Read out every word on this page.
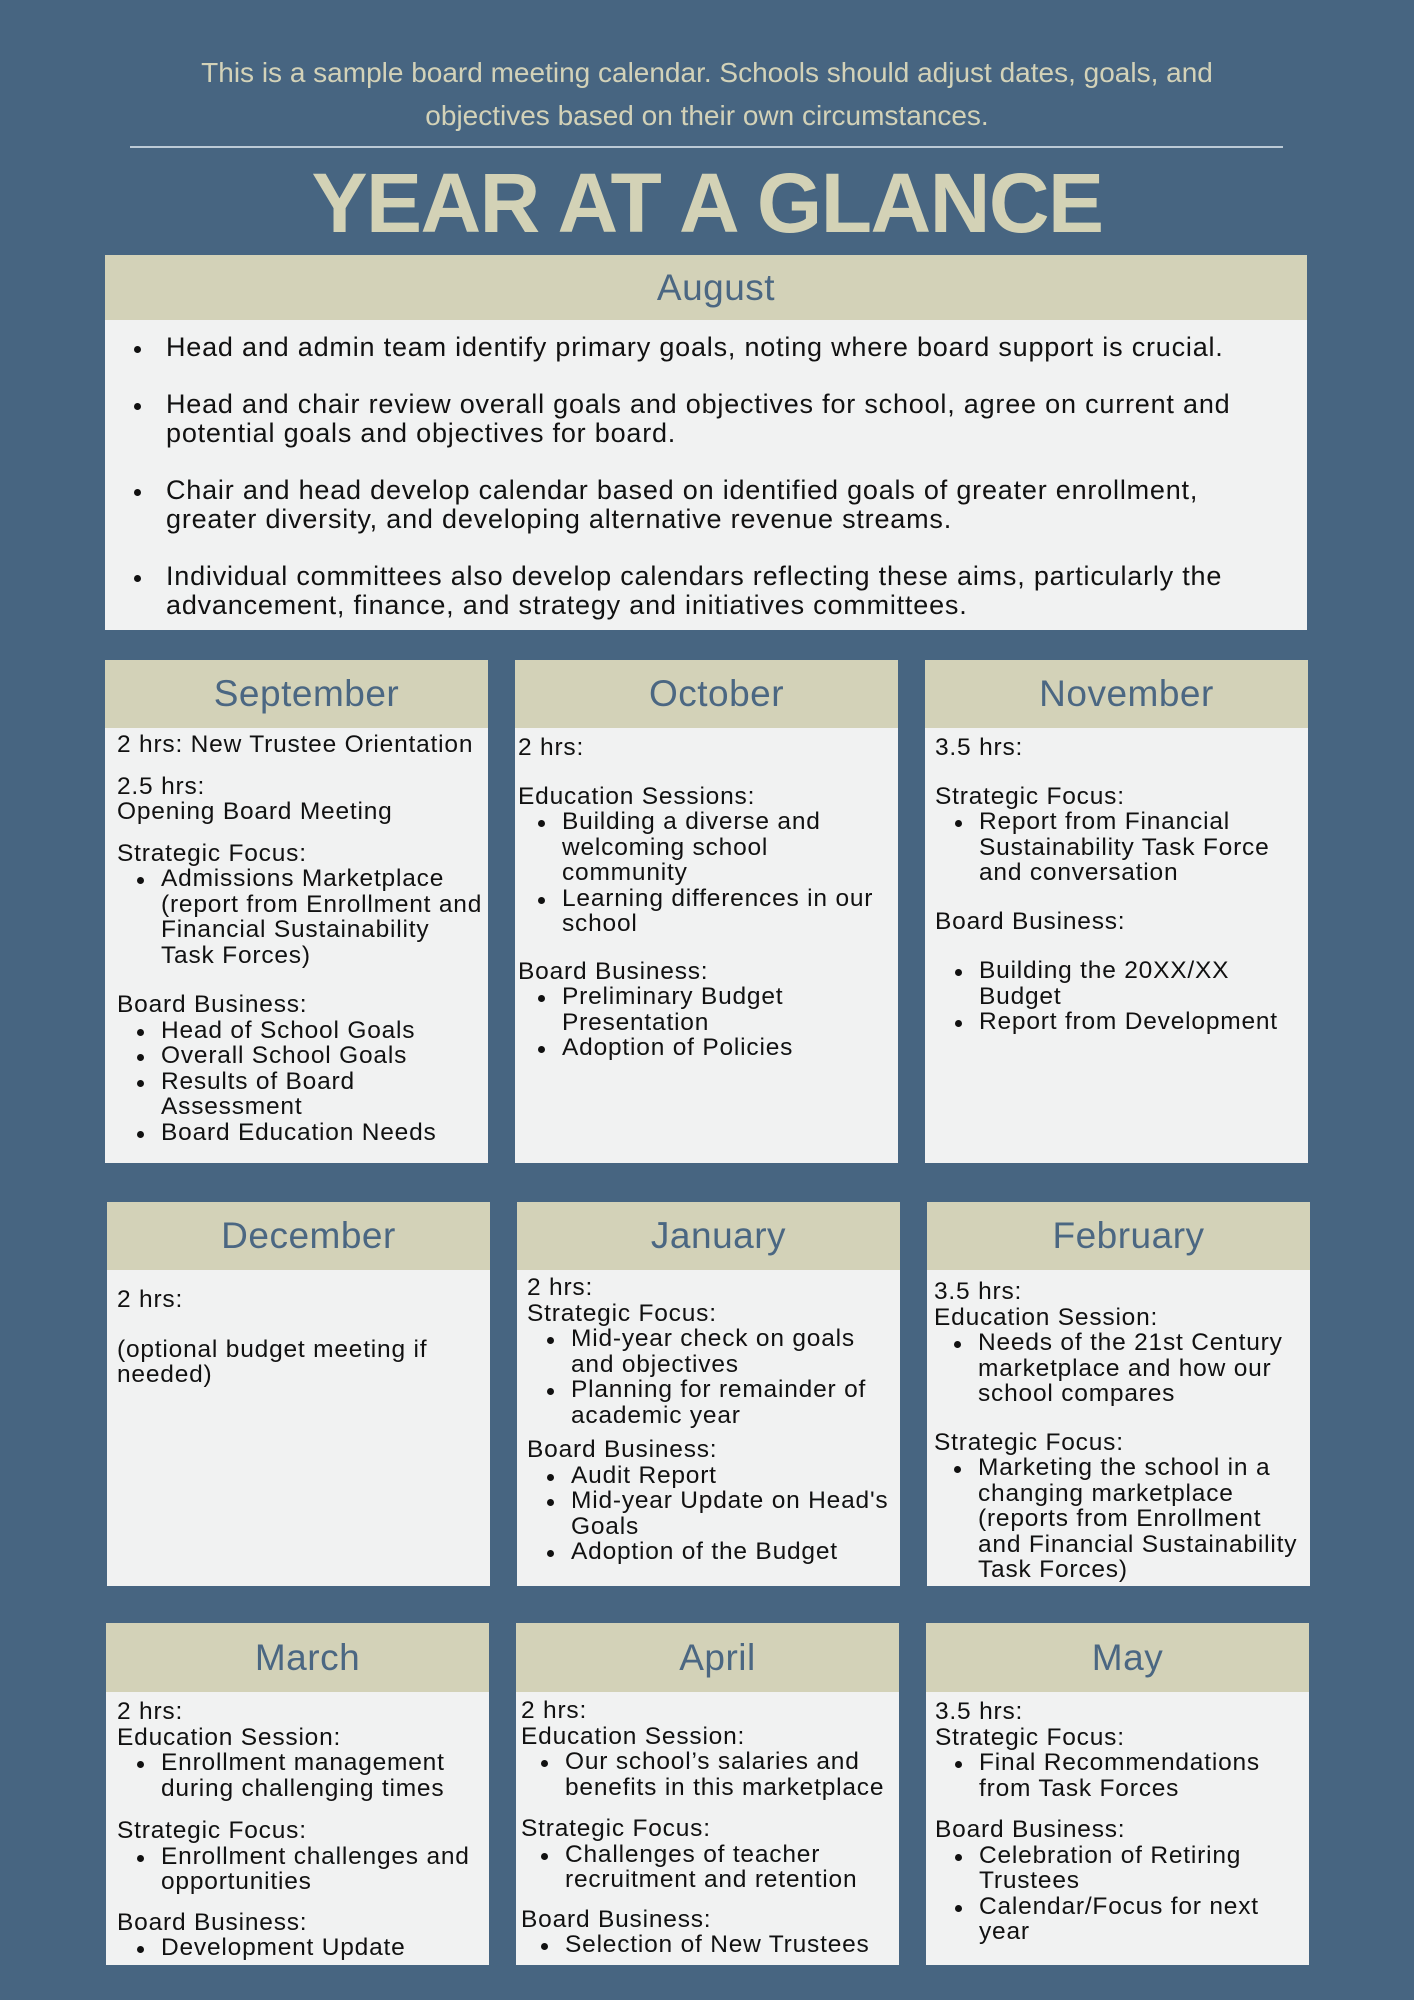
This is a sample board meeting calendar. Schools should adjust dates, goals, and
objectives based on their own circumstances.
YEAR AT A GLANCE
August
Head and admin team identify primary goals, noting where board support is crucial.
Head and chair review overall goals and objectives for school, agree on current and potential goals and objectives for board.
Chair and head develop calendar based on identified goals of greater enrollment, greater diversity, and developing alternative revenue streams.
Individual committees also develop calendars reflecting these aims, particularly the advancement, finance, and strategy and initiatives committees.
September
2 hrs: New Trustee Orientation
2.5 hrs:
Opening Board Meeting
Strategic Focus:
Admissions Marketplace (report from Enrollment and Financial Sustainability Task Forces)
Board Business:
Head of School Goals
Overall School Goals
Results of Board Assessment
Board Education Needs
October
2 hrs:
Education Sessions:
Building a diverse and welcoming school community
Learning differences in our school
Board Business:
Preliminary Budget Presentation
Adoption of Policies
November
3.5 hrs:
Strategic Focus:
Report from Financial Sustainability Task Force and conversation
Board Business:
Building the 20XX/XX Budget
Report from Development
December
2 hrs:
(optional budget meeting if needed)
January
2 hrs:
Strategic Focus:
Mid-year check on goals and objectives
Planning for remainder of academic year
Board Business:
Audit Report
Mid-year Update on Head's Goals
Adoption of the Budget
February
3.5 hrs:
Education Session:
Needs of the 21st Century marketplace and how our school compares
Strategic Focus:
Marketing the school in a changing marketplace (reports from Enrollment and Financial Sustainability Task Forces)
March
2 hrs:
Education Session:
Enrollment management during challenging times
Strategic Focus:
Enrollment challenges and opportunities
Board Business:
Development Update
April
2 hrs:
Education Session:
Our school’s salaries and benefits in this marketplace
Strategic Focus:
Challenges of teacher recruitment and retention
Board Business:
Selection of New Trustees
May
3.5 hrs:
Strategic Focus:
Final Recommendations from Task Forces
Board Business:
Celebration of Retiring Trustees
Calendar/Focus for next year
